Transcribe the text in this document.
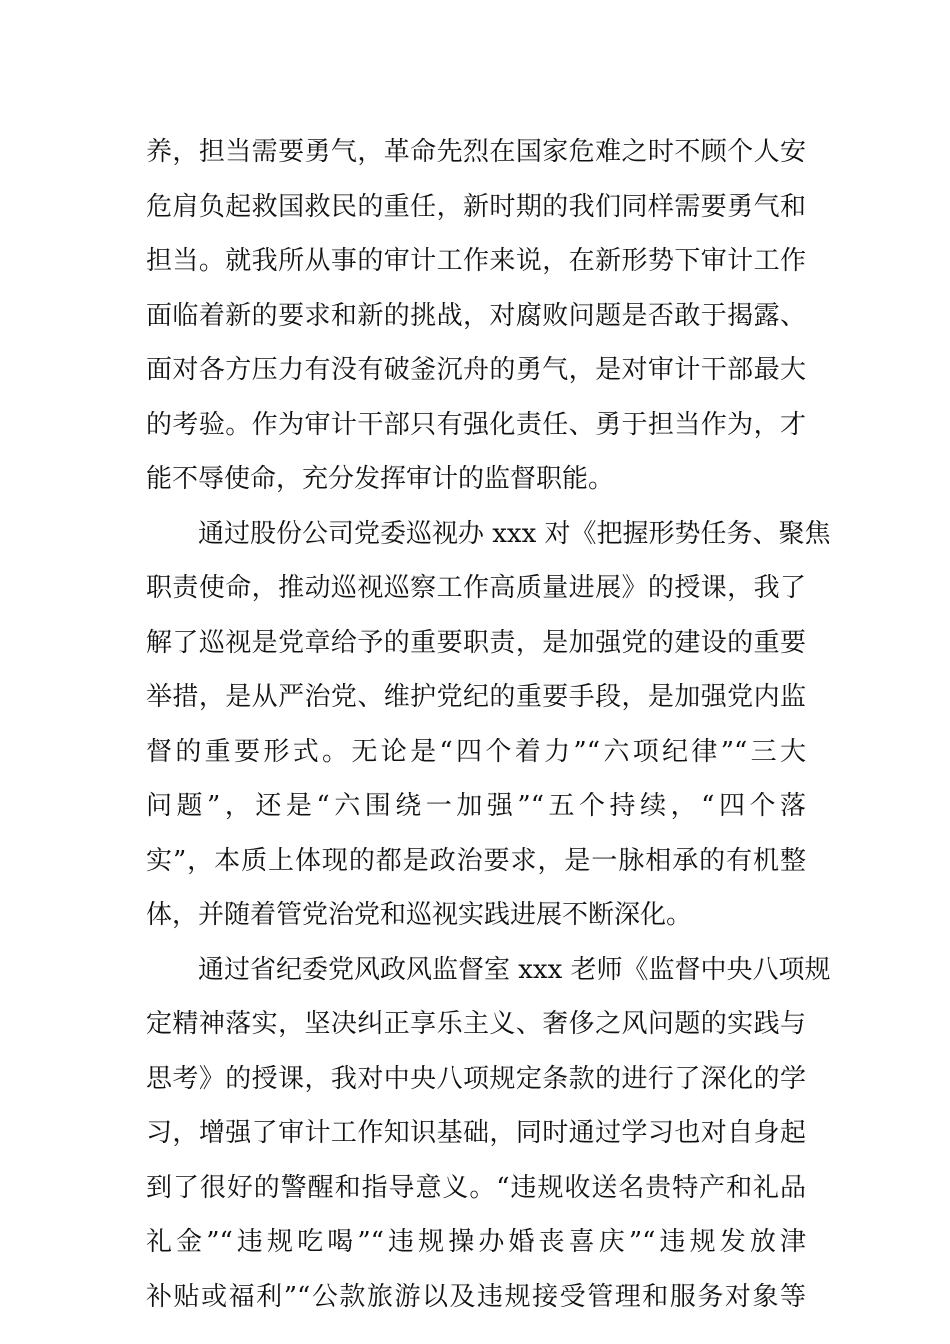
养，担当需要勇气，革命先烈在国家危难之时不顾个人安
危肩负起救国救民的重任，新时期的我们同样需要勇气和
担当。就我所从事的审计工作来说，在新形势下审计工作
面临着新的要求和新的挑战，对腐败问题是否敢于揭露、
面对各方压力有没有破釜沉舟的勇气，是对审计干部最大
的考验。作为审计干部只有强化责任、勇于担当作为，才
能不辱使命，充分发挥审计的监督职能。
通过股份公司党委巡视办 xxx 对《把握形势任务、聚焦
职责使命，推动巡视巡察工作高质量进展》的授课，我了
解了巡视是党章给予的重要职责，是加强党的建设的重要
举措，是从严治党、维护党纪的重要手段，是加强党内监
督的重要形式。无论是“四个着力”“六项纪律”“三大
问题”，还是“六围绕一加强”“五个持续，“四个落
实”，本质上体现的都是政治要求，是一脉相承的有机整
体，并随着管党治党和巡视实践进展不断深化。
通过省纪委党风政风监督室 xxx 老师《监督中央八项规
定精神落实，坚决纠正享乐主义、奢侈之风问题的实践与
思考》的授课，我对中央八项规定条款的进行了深化的学
习，增强了审计工作知识基础，同时通过学习也对自身起
到了很好的警醒和指导意义。“违规收送名贵特产和礼品
礼金”“违规吃喝”“违规操办婚丧喜庆”“违规发放津
补贴或福利”“公款旅游以及违规接受管理和服务对象等
